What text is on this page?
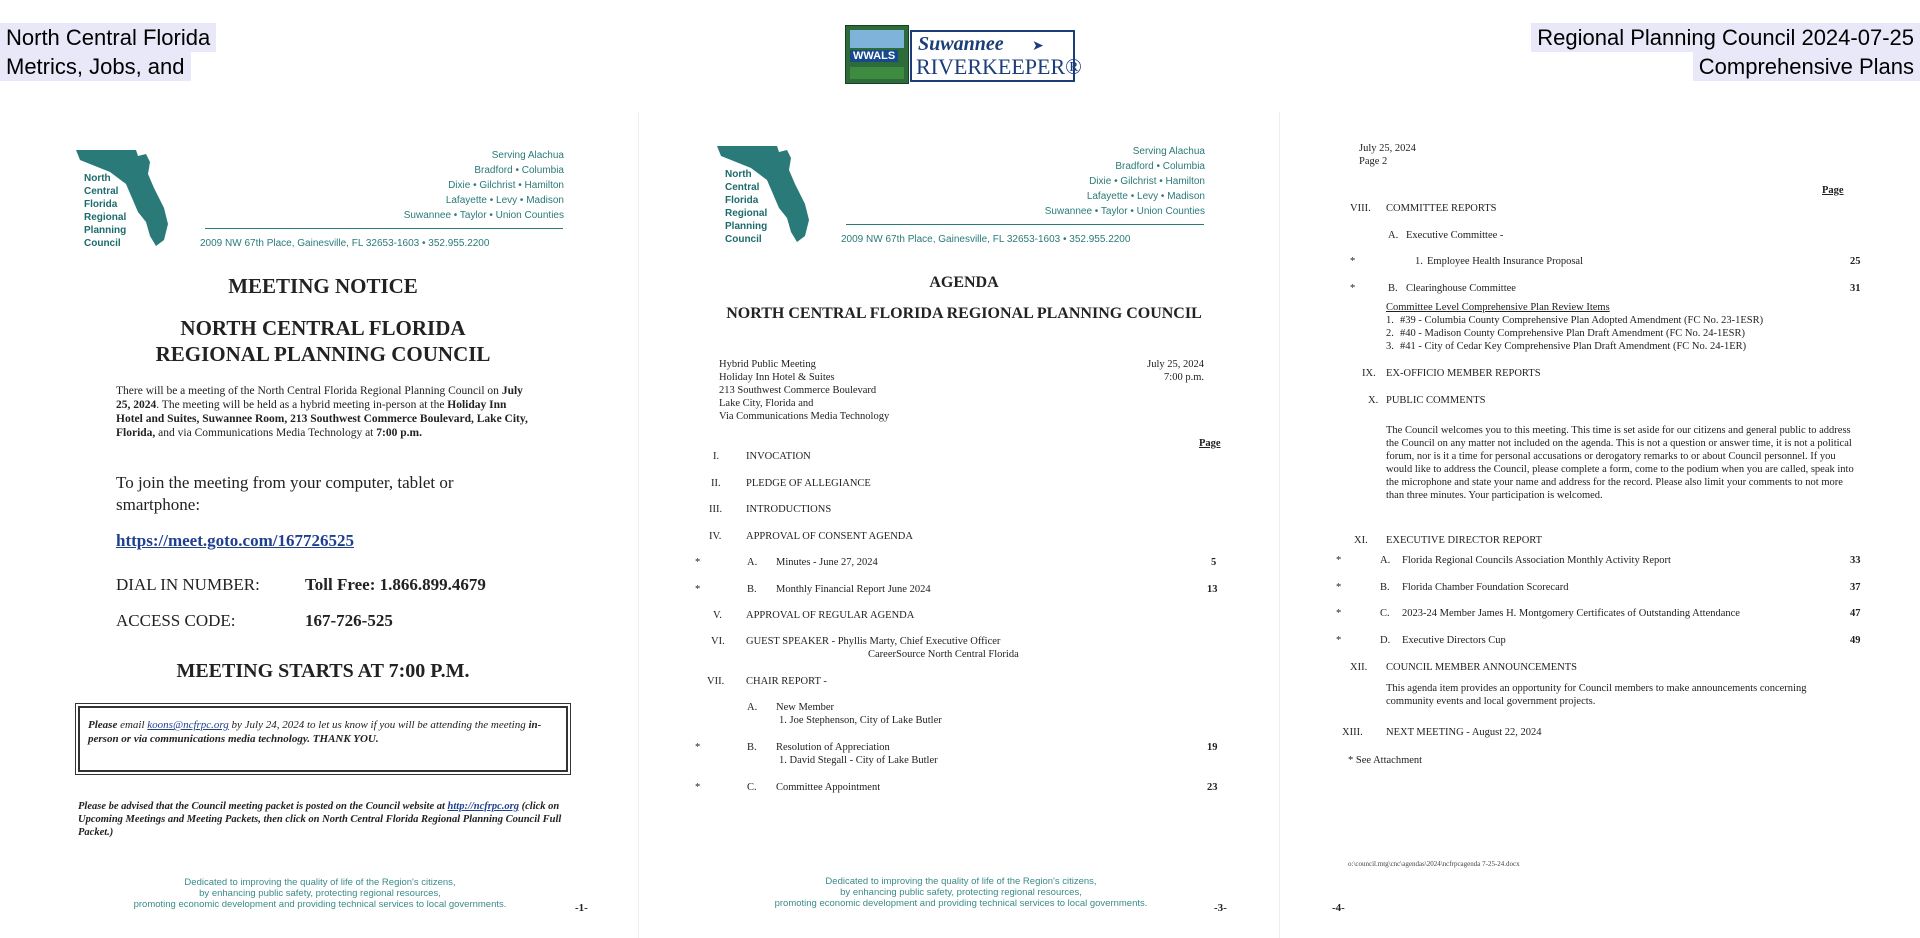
North Central Florida
Metrics, Jobs, and
Regional Planning Council 2024-07-25
Comprehensive Plans
WWALS
Suwannee ➤
RIVERKEEPER®
North
Central
Florida
Regional
Planning
Council
Serving Alachua
Bradford • Columbia
Dixie • Gilchrist • Hamilton
Lafayette • Levy • Madison
Suwannee • Taylor • Union Counties
2009 NW 67th Place, Gainesville, FL 32653-1603 • 352.955.2200
MEETING NOTICE
NORTH CENTRAL FLORIDA
REGIONAL PLANNING COUNCIL
There will be a meeting of the North Central Florida Regional Planning Council on July 25, 2024. The meeting will be held as a hybrid meeting in-person at the Holiday Inn Hotel and Suites, Suwannee Room, 213 Southwest Commerce Boulevard, Lake City, Florida, and via Communications Media Technology at 7:00 p.m.
To join the meeting from your computer, tablet or smartphone:
https://meet.goto.com/167726525
DIAL IN NUMBER:	Toll Free: 1.866.899.4679
ACCESS CODE:	167-726-525
MEETING STARTS AT 7:00 P.M.
Please email koons@ncfrpc.org by July 24, 2024 to let us know if you will be attending the meeting in-person or via communications media technology. THANK YOU.
Please be advised that the Council meeting packet is posted on the Council website at http://ncfrpc.org (click on Upcoming Meetings and Meeting Packets, then click on North Central Florida Regional Planning Council Full Packet.)
Dedicated to improving the quality of life of the Region's citizens,
by enhancing public safety, protecting regional resources,
promoting economic development and providing technical services to local governments.	-1-
North
Central
Florida
Regional
Planning
Council
Serving Alachua
Bradford • Columbia
Dixie • Gilchrist • Hamilton
Lafayette • Levy • Madison
Suwannee • Taylor • Union Counties
2009 NW 67th Place, Gainesville, FL 32653-1603 • 352.955.2200
AGENDA
NORTH CENTRAL FLORIDA REGIONAL PLANNING COUNCIL
Hybrid Public Meeting
Holiday Inn Hotel & Suites
213 Southwest Commerce Boulevard
Lake City, Florida and
Via Communications Media Technology
July 25, 2024
7:00 p.m.
Page
I.	INVOCATION
II. PLEDGE OF ALLEGIANCE
III. INTRODUCTIONS
IV. APPROVAL OF CONSENT AGENDA
*	A. Minutes - June 27, 2024	5
*	B. Monthly Financial Report June 2024	13
V. APPROVAL OF REGULAR AGENDA
VI. GUEST SPEAKER - Phyllis Marty, Chief Executive Officer
CareerSource North Central Florida
VII. CHAIR REPORT -
A. New Member
1. Joe Stephenson, City of Lake Butler
*	B. Resolution of Appreciation	19
1. David Stegall - City of Lake Butler
*	C. Committee Appointment	23
Dedicated to improving the quality of life of the Region's citizens,
by enhancing public safety, protecting regional resources,
promoting economic development and providing technical services to local governments.	-3-
July 25, 2024
Page 2
Page
VIII. COMMITTEE REPORTS
A. Executive Committee -
*	1. Employee Health Insurance Proposal	25
*	B. Clearinghouse Committee	31
Committee Level Comprehensive Plan Review Items
1. #39 - Columbia County Comprehensive Plan Adopted Amendment (FC No. 23-1ESR)
2. #40 - Madison County Comprehensive Plan Draft Amendment (FC No. 24-1ESR)
3. #41 - City of Cedar Key Comprehensive Plan Draft Amendment (FC No. 24-1ER)
IX. EX-OFFICIO MEMBER REPORTS
X. PUBLIC COMMENTS
The Council welcomes you to this meeting. This time is set aside for our citizens and general public to address the Council on any matter not included on the agenda. This is not a question or answer time, it is not a political forum, nor is it a time for personal accusations or derogatory remarks to or about Council personnel. If you would like to address the Council, please complete a form, come to the podium when you are called, speak into the microphone and state your name and address for the record. Please also limit your comments to not more than three minutes. Your participation is welcomed.
XI. EXECUTIVE DIRECTOR REPORT
*	A. Florida Regional Councils Association Monthly Activity Report	33
*	B. Florida Chamber Foundation Scorecard	37
*	C. 2023-24 Member James H. Montgomery Certificates of Outstanding Attendance	47
*	D. Executive Directors Cup	49
XII. COUNCIL MEMBER ANNOUNCEMENTS
This agenda item provides an opportunity for Council members to make announcements concerning community events and local government projects.
XIII. NEXT MEETING - August 22, 2024
* See Attachment
o:\council.mtg\cnc\agendas\2024\ncfrpcagenda 7-25-24.docx
-4-
